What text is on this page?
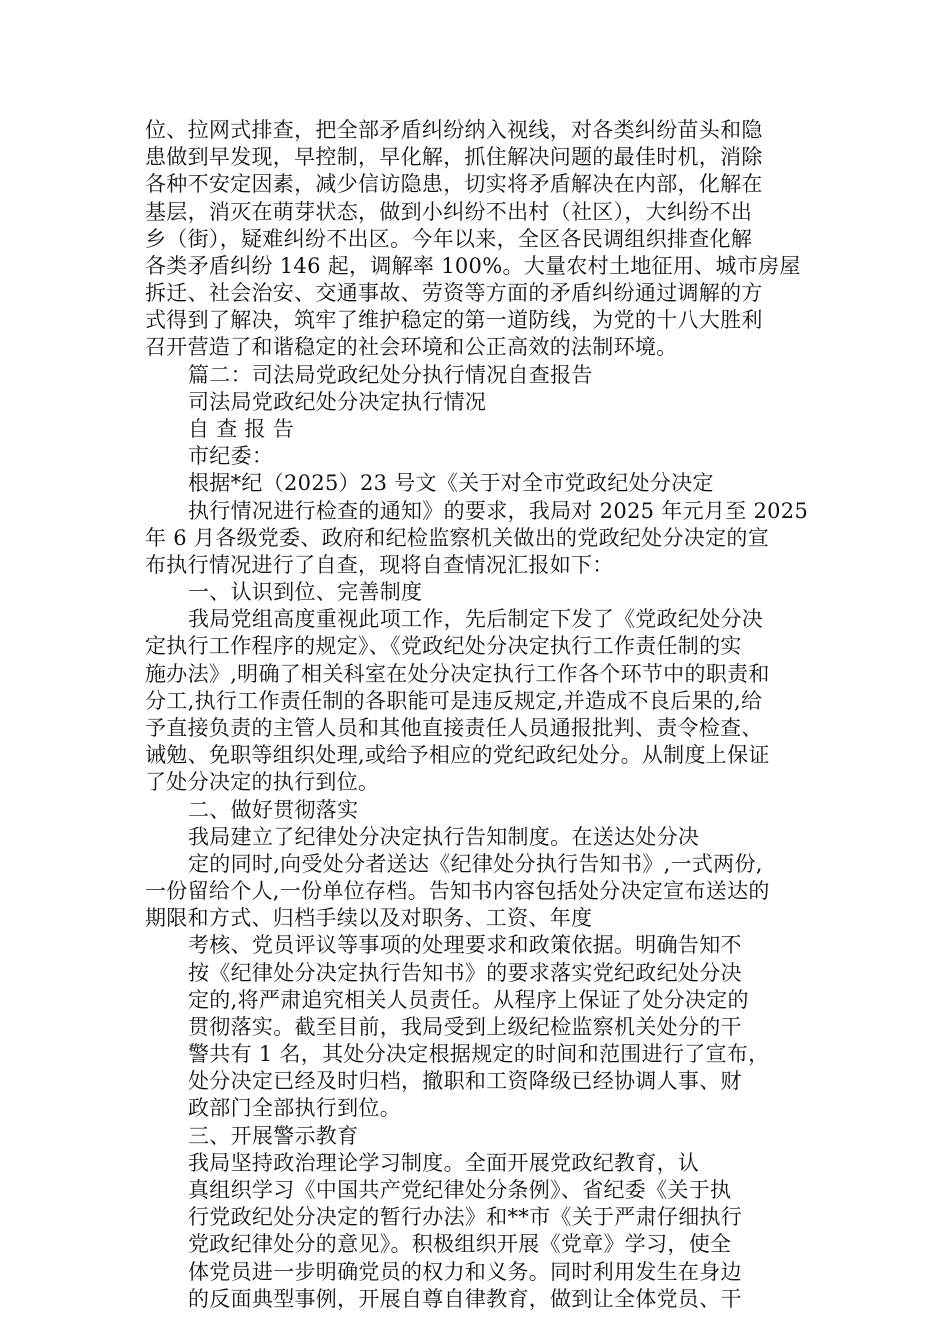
位、拉网式排查，把全部矛盾纠纷纳入视线，对各类纠纷苗头和隐
患做到早发现，早控制，早化解，抓住解决问题的最佳时机，消除
各种不安定因素，减少信访隐患，切实将矛盾解决在内部，化解在
基层，消灭在萌芽状态，做到小纠纷不出村（社区），大纠纷不出
乡（街），疑难纠纷不出区。今年以来，全区各民调组织排查化解
各类矛盾纠纷 146 起，调解率 100%。大量农村土地征用、城市房屋
拆迁、社会治安、交通事故、劳资等方面的矛盾纠纷通过调解的方
式得到了解决，筑牢了维护稳定的第一道防线，为党的十八大胜利
召开营造了和谐稳定的社会环境和公正高效的法制环境。
篇二：司法局党政纪处分执行情况自查报告
司法局党政纪处分决定执行情况
自 查 报 告
市纪委：
根据*纪（2025）23 号文《关于对全市党政纪处分决定
执行情况进行检查的通知》的要求，我局对 2025 年元月至 2025
年 6 月各级党委、政府和纪检监察机关做出的党政纪处分决定的宣
布执行情况进行了自查，现将自查情况汇报如下：
一、认识到位、完善制度
我局党组高度重视此项工作，先后制定下发了《党政纪处分决
定执行工作程序的规定》、《党政纪处分决定执行工作责任制的实
施办法》,明确了相关科室在处分决定执行工作各个环节中的职责和
分工,执行工作责任制的各职能可是违反规定,并造成不良后果的,给
予直接负责的主管人员和其他直接责任人员通报批判、责令检查、
诫勉、免职等组织处理,或给予相应的党纪政纪处分。从制度上保证
了处分决定的执行到位。
二、做好贯彻落实
我局建立了纪律处分决定执行告知制度。在送达处分决
定的同时,向受处分者送达《纪律处分执行告知书》,一式两份,
一份留给个人,一份单位存档。告知书内容包括处分决定宣布送达的
期限和方式、归档手续以及对职务、工资、年度
考核、党员评议等事项的处理要求和政策依据。明确告知不
按《纪律处分决定执行告知书》的要求落实党纪政纪处分决
定的,将严肃追究相关人员责任。从程序上保证了处分决定的
贯彻落实。截至目前，我局受到上级纪检监察机关处分的干
警共有 1 名，其处分决定根据规定的时间和范围进行了宣布，
处分决定已经及时归档，撤职和工资降级已经协调人事、财
政部门全部执行到位。
三、开展警示教育
我局坚持政治理论学习制度。全面开展党政纪教育，认
真组织学习《中国共产党纪律处分条例》、省纪委《关于执
行党政纪处分决定的暂行办法》和**市《关于严肃仔细执行
党政纪律处分的意见》。积极组织开展《党章》学习，使全
体党员进一步明确党员的权力和义务。同时利用发生在身边
的反面典型事例，开展自尊自律教育，做到让全体党员、干
